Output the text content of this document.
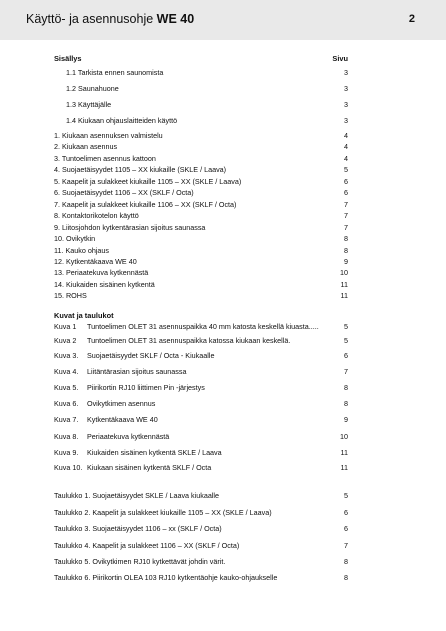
Käyttö- ja asennusohje WE 40	2
Sisällys	Sivu
1.1 Tarkista ennen saunomista	3
1.2 Saunahuone	3
1.3 Käyttäjälle	3
1.4 Kiukaan ohjauslaitteiden käyttö	3
1. Kiukaan asennuksen valmistelu	4
2. Kiukaan asennus	4
3. Tuntoelimen asennus kattoon	4
4. Suojaetäisyydet 1105 – XX kiukaille (SKLE / Laava)	5
5. Kaapelit ja sulakkeet kiukaille 1105 – XX (SKLE / Laava)	6
6. Suojaetäisyydet 1106 – XX (SKLF / Octa)	6
7. Kaapelit ja sulakkeet kiukaille 1106 – XX (SKLF / Octa)	7
8. Kontaktorikotelon käyttö	7
9. Liitosjohdon kytkentärasian sijoitus saunassa	7
10. Ovikytkin	8
11. Kauko ohjaus	8
12. Kytkentäkaava WE 40	9
13. Periaatekuva kytkennästä	10
14. Kiukaiden sisäinen kytkentä	11
15. ROHS	11
Kuvat ja taulukot
Kuva 1 Tuntoelimen OLET 31 asennuspaikka 40 mm katosta keskellä kiuasta.....	5
Kuva 2 Tuntoelimen OLET 31 asennuspaikka katossa kiukaan keskellä.	5
Kuva 3. Suojaetäisyydet SKLF / Octa - Kiukaalle	6
Kuva 4. Liitäntärasian sijoitus saunassa	7
Kuva 5. Piirikortin RJ10 liittimen Pin -järjestys	8
Kuva 6. Ovikytkimen asennus	8
Kuva 7. Kytkentäkaava WE 40	9
Kuva 8. Periaatekuva kytkennästä	10
Kuva 9. Kiukaiden sisäinen kytkentä SKLE / Laava	11
Kuva 10. Kiukaan sisäinen kytkentä SKLF / Octa	11
Taulukko 1. Suojaetäisyydet SKLE / Laava kiukaalle	5
Taulukko 2. Kaapelit ja sulakkeet kiukaille 1105 – XX (SKLE / Laava)	6
Taulukko 3. Suojaetäisyydet 1106 – xx (SKLF / Octa)	6
Taulukko 4. Kaapelit ja sulakkeet 1106 – XX (SKLF / Octa)	7
Taulukko 5. Ovikytkimen RJ10 kytkettävät johdin värit.	8
Taulukko 6. Piirikortin OLEA 103 RJ10 kytkentäohje kauko-ohjaukselle	8
